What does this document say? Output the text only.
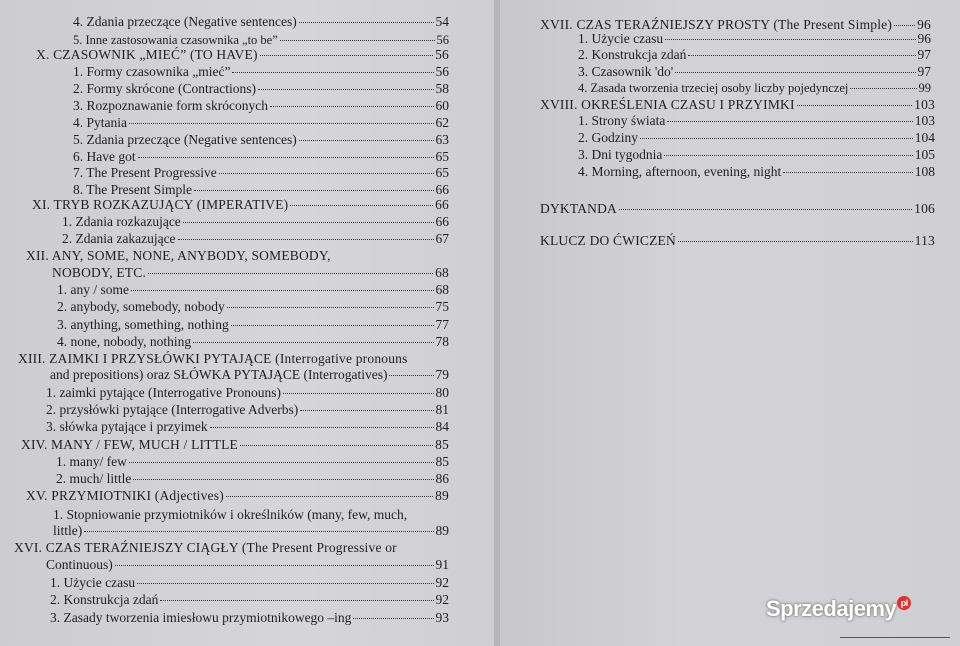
4. Zdania przeczące (Negative sentences)	54
5. Inne zastosowania czasownika „to be”	56
X. CZASOWNIK „MIEĆ” (TO HAVE)	56
1. Formy czasownika „mieć”	56
2. Formy skrócone (Contractions)	58
3. Rozpoznawanie form skróconych	60
4. Pytania	62
5. Zdania przeczące (Negative sentences)	63
6. Have got	65
7. The Present Progressive	65
8. The Present Simple	66
XI. TRYB ROZKAZUJĄCY (IMPERATIVE)	66
1. Zdania rozkazujące	66
2. Zdania zakazujące	67
XII. ANY, SOME, NONE, ANYBODY, SOMEBODY,
NOBODY, ETC.	68
1. any / some	68
2. anybody, somebody, nobody	75
3. anything, something, nothing	77
4. none, nobody, nothing	78
XIII. ZAIMKI I PRZYSŁÓWKI PYTAJĄCE (Interrogative pronouns
and prepositions) oraz SŁÓWKA PYTAJĄCE (Interrogatives)	79
1. zaimki pytające (Interrogative Pronouns)	80
2. przysłówki pytające (Interrogative Adverbs)	81
3. słówka pytające i przyimek	84
XIV. MANY / FEW, MUCH / LITTLE	85
1. many/ few	85
2. much/ little	86
XV. PRZYMIOTNIKI (Adjectives)	89
1. Stopniowanie przymiotników i określników (many, few, much,
little)	89
XVI. CZAS TERAŹNIEJSZY CIĄGŁY (The Present Progressive or
Continuous)	91
1. Użycie czasu	92
2. Konstrukcja zdań	92
3. Zasady tworzenia imiesłowu przymiotnikowego –ing	93
XVII. CZAS TERAŹNIEJSZY PROSTY (The Present Simple) 96
1. Użycie czasu	96
2. Konstrukcja zdań	97
3. Czasownik 'do'	97
4. Zasada tworzenia trzeciej osoby liczby pojedynczej	99
XVIII. OKREŚLENIA CZASU I PRZYIMKI	103
1. Strony świata	103
2. Godziny	104
3. Dni tygodnia	105
4. Morning, afternoon, evening, night	108
DYKTANDA	106
KLUCZ DO ĆWICZEŃ	113
Sprzedajemy pl
